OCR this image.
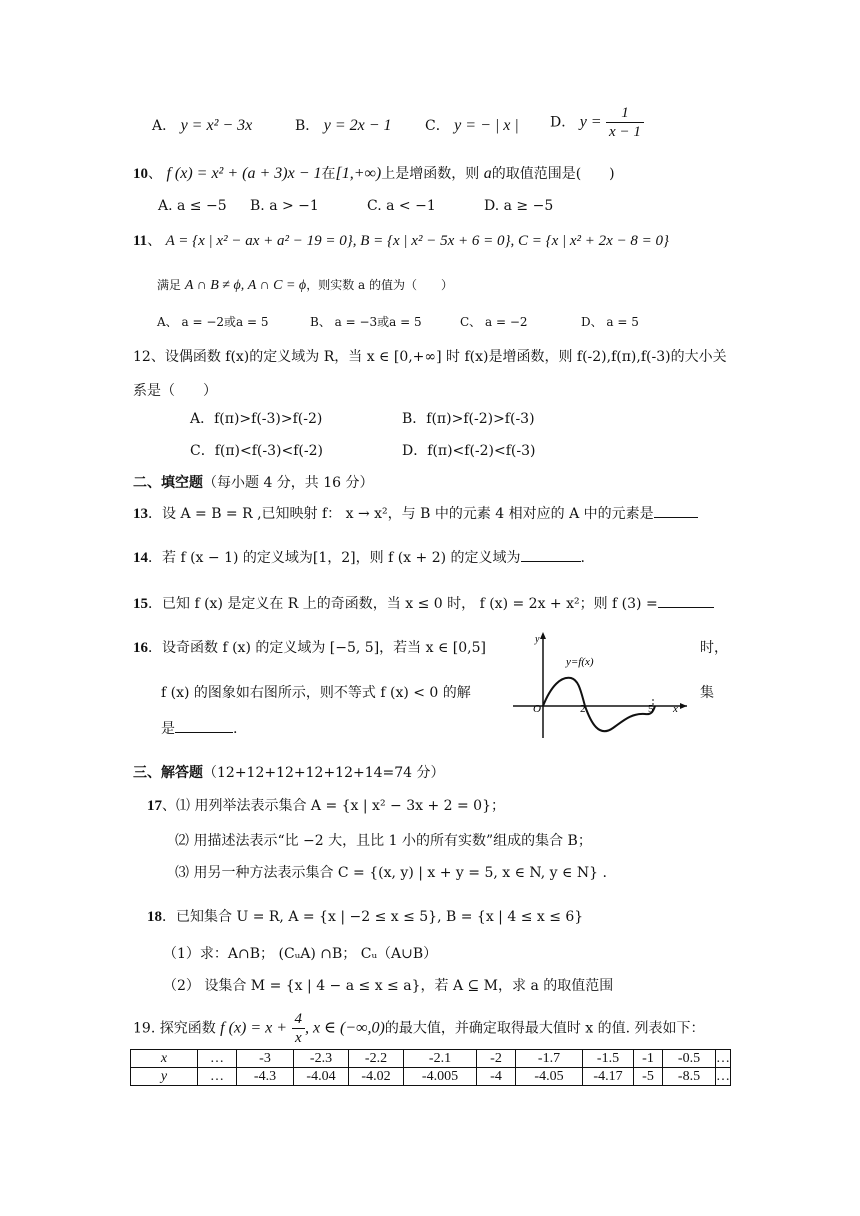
A． y = x² − 3x	B． y = 2x − 1 C． y = − | x | D． $y = \frac{1}{x - 1}$
10、 f (x) = x² + (a + 3)x − 1在[1,+∞)上是增函数，则 a的取值范围是(　　)
A. a ≤ −5 B. a > −1	C. a < −1	D. a ≥ −5
11、 A = {x | x² − ax + a² − 19 = 0}, B = {x | x² − 5x + 6 = 0}, C = {x | x² + 2x − 8 = 0}
满足 A ∩ B ≠ ϕ, A ∩ C = ϕ，则实数 a 的值为（　　）
A、 a = −2或a = 5	B、 a = −3或a = 5	C、 a = −2	D、 a = 5
12、设偶函数 f(x)的定义域为 R，当 x ∈ [0,+∞] 时 f(x)是增函数，则 f(-2),f(π),f(-3)的大小关
系是（　　）
A．f(π)>f(-3)>f(-2)	B．f(π)>f(-2)>f(-3)
C．f(π)<f(-3)<f(-2)	D．f(π)<f(-2)<f(-3)
二、填空题（每小题 4 分，共 16 分）
13．设 A = B = R ,已知映射 f： x → x²，与 B 中的元素 4 相对应的 A 中的元素是
14．若 f (x − 1) 的定义域为[1，2]，则 f (x + 2) 的定义域为	.
15．已知 f (x) 是定义在 R 上的奇函数，当 x ≤ 0 时， f (x) = 2x + x²；则 f (3) =
16．设奇函数 f (x) 的定义域为 [−5, 5]，若当 x ∈ [0,5]	时，
f (x) 的图象如右图所示，则不等式 f (x) < 0 的解	集
是	.
y
y=f(x)
O	2	5 x
三、解答题（12+12+12+12+12+14=74 分）
17、⑴ 用列举法表示集合 A = {x | x² − 3x + 2 = 0}；
⑵ 用描述法表示“比 −2 大，且比 1 小的所有实数”组成的集合 B；
⑶ 用另一种方法表示集合 C = {(x, y) | x + y = 5, x ∈ N, y ∈ N} .
18．已知集合 U = R, A = {x | −2 ≤ x ≤ 5}, B = {x | 4 ≤ x ≤ 6}
（1）求：A∩B； (CᵤA) ∩B； Cᵤ（A∪B）
（2） 设集合 M = {x | 4 − a ≤ x ≤ a}，若 A ⊆ M，求 a 的取值范围
19. 探究函数 f $(x) = x + \frac{4}{x}$ , x ∈ (−∞,0)的最大值，并确定取得最大值时 x 的值. 列表如下：
x	…	-3	-2.3	-2.2	-2.1	-2	-1.7	-1.5	-1	-0.5	…
y	…	-4.3	-4.04	-4.02	-4.005	-4	-4.05	-4.17	-5	-8.5	…
